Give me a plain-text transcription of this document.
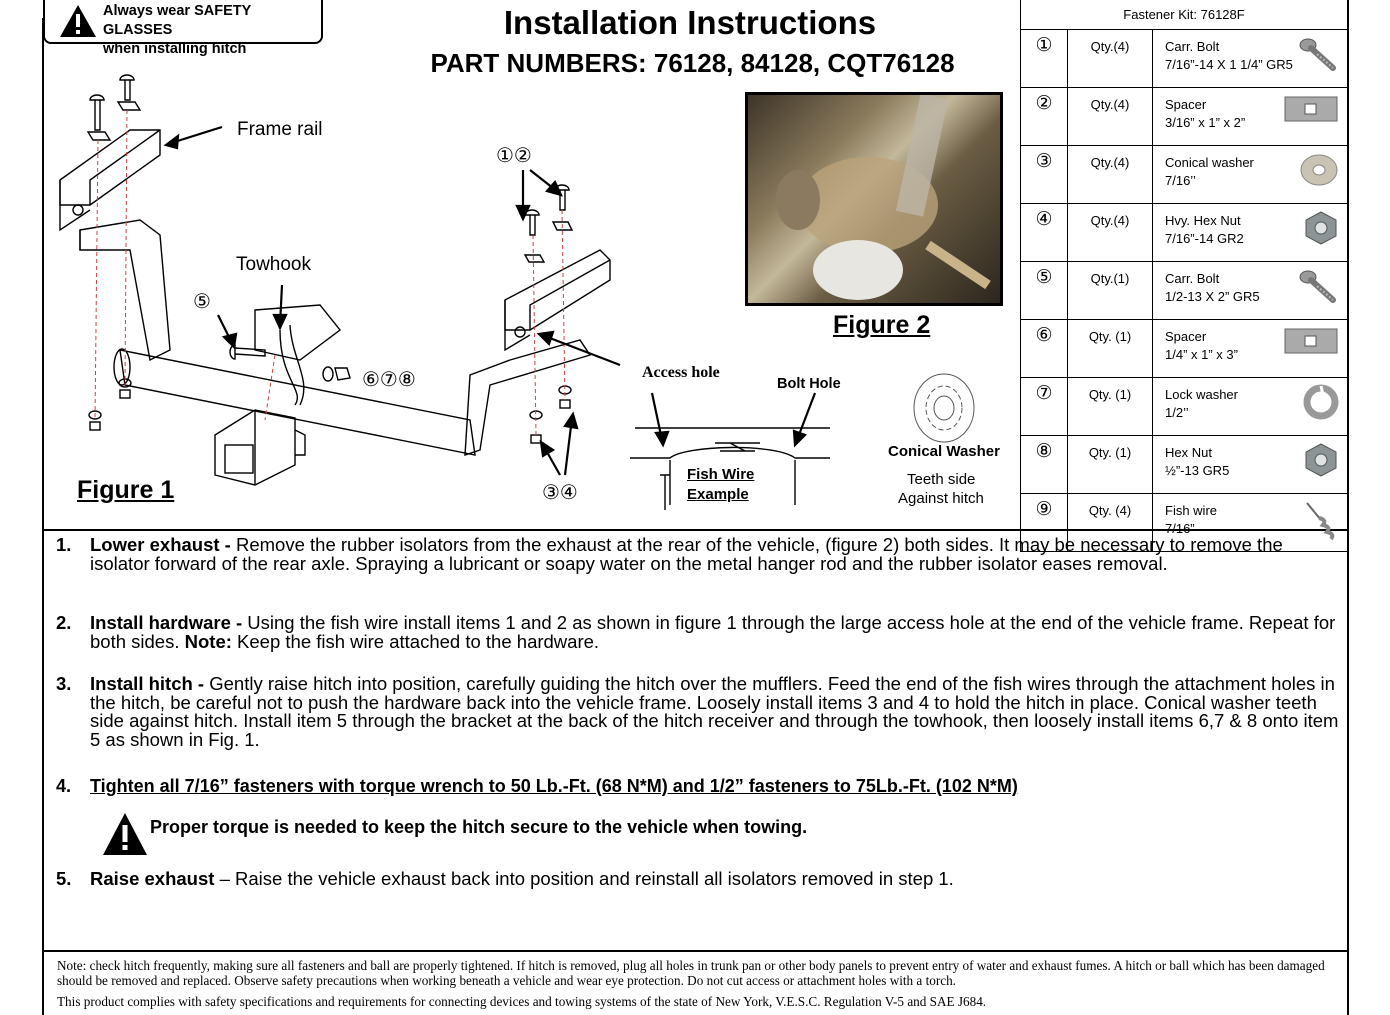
Always wear SAFETY GLASSES
when installing hitch
Installation Instructions
PART NUMBERS: 76128, 84128, CQT76128
Frame rail
Towhook
⑤
①②
⑥⑦⑧
③④
Figure 1
Access hole
Bolt Hole
Fish Wire
Example
Figure 2
Conical Washer
Teeth side
Against hitch
Fastener Kit: 76128F		
①	Qty.(4)	Carr. Bolt
7/16”-14 X 1 1/4” GR5

②	Qty.(4)	Spacer
3/16” x 1” x 2”

③	Qty.(4)	Conical washer
7/16’’

④	Qty.(4)	Hvy. Hex Nut
7/16”-14 GR2

⑤	Qty.(1)	Carr. Bolt
1/2-13 X 2” GR5

⑥	Qty. (1)	Spacer
1/4” x 1” x 3”

⑦	Qty. (1)	Lock washer
1/2’’

⑧	Qty. (1)	Hex Nut
½”-13 GR5

⑨	Qty. (4)	Fish wire
7/16”
1. Lower exhaust - Remove the rubber isolators from the exhaust at the rear of the vehicle, (figure 2) both sides. It may be necessary to remove the isolator forward of the rear axle. Spraying a lubricant or soapy water on the metal hanger rod and the rubber isolator eases removal.
2. Install hardware - Using the fish wire install items 1 and 2 as shown in figure 1 through the large access hole at the end of the vehicle frame. Repeat for both sides. Note: Keep the fish wire attached to the hardware.
3. Install hitch - Gently raise hitch into position, carefully guiding the hitch over the mufflers. Feed the end of the fish wires through the attachment holes in the hitch, be careful not to push the hardware back into the vehicle frame. Loosely install items 3 and 4 to hold the hitch in place. Conical washer teeth side against hitch. Install item 5 through the bracket at the back of the hitch receiver and through the towhook, then loosely install items 6,7 & 8 onto item 5 as shown in Fig. 1.
4. Tighten all 7/16” fasteners with torque wrench to 50 Lb.-Ft. (68 N*M) and 1/2” fasteners to 75Lb.-Ft. (102 N*M)
5. Raise exhaust – Raise the vehicle exhaust back into position and reinstall all isolators removed in step 1.
Proper torque is needed to keep the hitch secure to the vehicle when towing.
Note: check hitch frequently, making sure all fasteners and ball are properly tightened. If hitch is removed, plug all holes in trunk pan or other body panels to prevent entry of water and exhaust fumes. A hitch or ball which has been damaged should be removed and replaced. Observe safety precautions when working beneath a vehicle and wear eye protection. Do not cut access or attachment holes with a torch.
This product complies with safety specifications and requirements for connecting devices and towing systems of the state of New York, V.E.S.C. Regulation V-5 and SAE J684.
